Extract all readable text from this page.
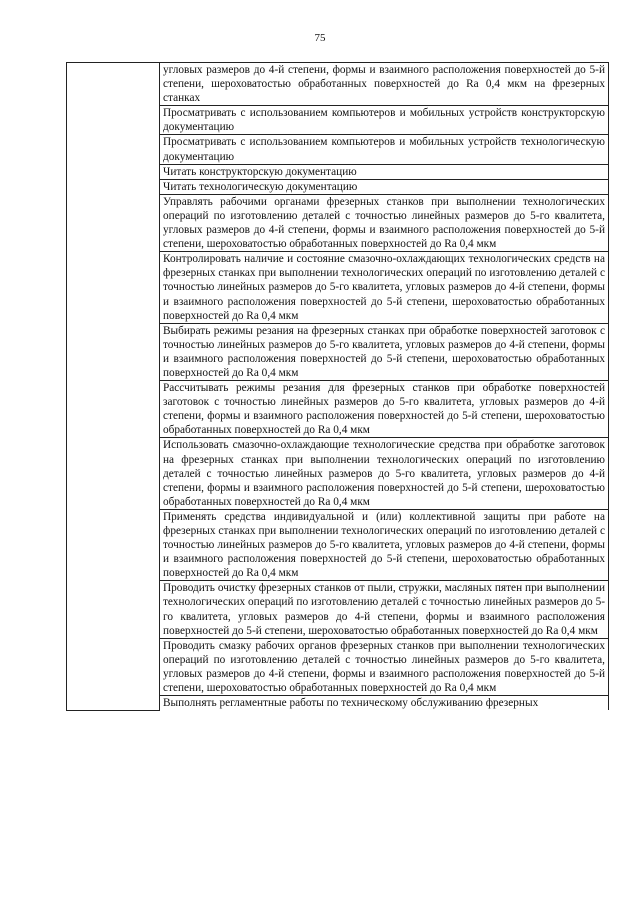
75

угловых размеров до 4-й степени, формы и взаимного расположения поверхностей до 5-й степени, шероховатостью обработанных поверхностей до Ra 0,4 мкм на фрезерных станках

Просматривать с использованием компьютеров и мобильных устройств конструкторскую документацию

Просматривать с использованием компьютеров и мобильных устройств технологическую документацию

Читать конструкторскую документацию

Читать технологическую документацию

Управлять рабочими органами фрезерных станков при выполнении технологических операций по изготовлению деталей с точностью линейных размеров до 5-го квалитета, угловых размеров до 4-й степени, формы и взаимного расположения поверхностей до 5-й степени, шероховатостью обработанных поверхностей до Ra 0,4 мкм

Контролировать наличие и состояние смазочно-охлаждающих технологических средств на фрезерных станках при выполнении технологических операций по изготовлению деталей с точностью линейных размеров до 5-го квалитета, угловых размеров до 4-й степени, формы и взаимного расположения поверхностей до 5-й степени, шероховатостью обработанных поверхностей до Ra 0,4 мкм

Выбирать режимы резания на фрезерных станках при обработке поверхностей заготовок с точностью линейных размеров до 5-го квалитета, угловых размеров до 4-й степени, формы и взаимного расположения поверхностей до 5-й степени, шероховатостью обработанных поверхностей до Ra 0,4 мкм

Рассчитывать режимы резания для фрезерных станков при обработке поверхностей заготовок с точностью линейных размеров до 5-го квалитета, угловых размеров до 4-й степени, формы и взаимного расположения поверхностей до 5-й степени, шероховатостью обработанных поверхностей до Ra 0,4 мкм

Использовать смазочно-охлаждающие технологические средства при обработке заготовок на фрезерных станках при выполнении технологических операций по изготовлению деталей с точностью линейных размеров до 5-го квалитета, угловых размеров до 4-й степени, формы и взаимного расположения поверхностей до 5-й степени, шероховатостью обработанных поверхностей до Ra 0,4 мкм

Применять средства индивидуальной и (или) коллективной защиты при работе на фрезерных станках при выполнении технологических операций по изготовлению деталей с точностью линейных размеров до 5-го квалитета, угловых размеров до 4-й степени, формы и взаимного расположения поверхностей до 5-й степени, шероховатостью обработанных поверхностей до Ra 0,4 мкм

Проводить очистку фрезерных станков от пыли, стружки, масляных пятен при выполнении технологических операций по изготовлению деталей с точностью линейных размеров до 5-го квалитета, угловых размеров до 4-й степени, формы и взаимного расположения поверхностей до 5-й степени, шероховатостью обработанных поверхностей до Ra 0,4 мкм

Проводить смазку рабочих органов фрезерных станков при выполнении технологических операций по изготовлению деталей с точностью линейных размеров до 5-го квалитета, угловых размеров до 4-й степени, формы и взаимного расположения поверхностей до 5-й степени, шероховатостью обработанных поверхностей до Ra 0,4 мкм

Выполнять регламентные работы по техническому обслуживанию фрезерных
